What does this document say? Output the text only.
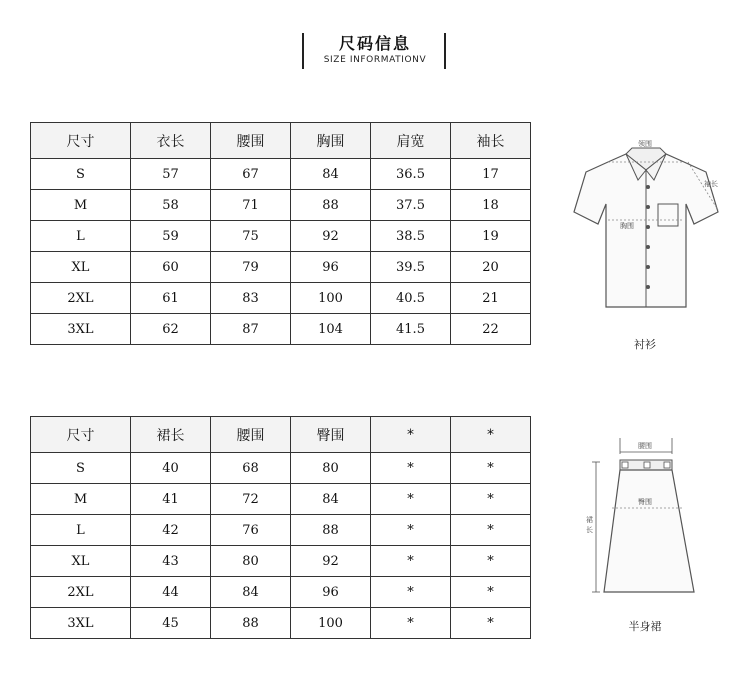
尺码信息
SIZE INFORMATIONV
尺寸	衣长	腰围	胸围	肩宽	袖长
S	57	67	84	36.5	17
M	58	71	88	37.5	18
L	59	75	92	38.5	19
XL	60	79	96	39.5	20
2XL	61	83	100	40.5	21
3XL	62	87	104	41.5	22
领围
胸围
袖长
衬衫
尺寸	裙长	腰围	臀围	*	*
S	40	68	80	*	*
M	41	72	84	*	*
L	42	76	88	*	*
XL	43	80	92	*	*
2XL	44	84	96	*	*
3XL	45	88	100	*	*
腰围
臀围
裙
长
半身裙
